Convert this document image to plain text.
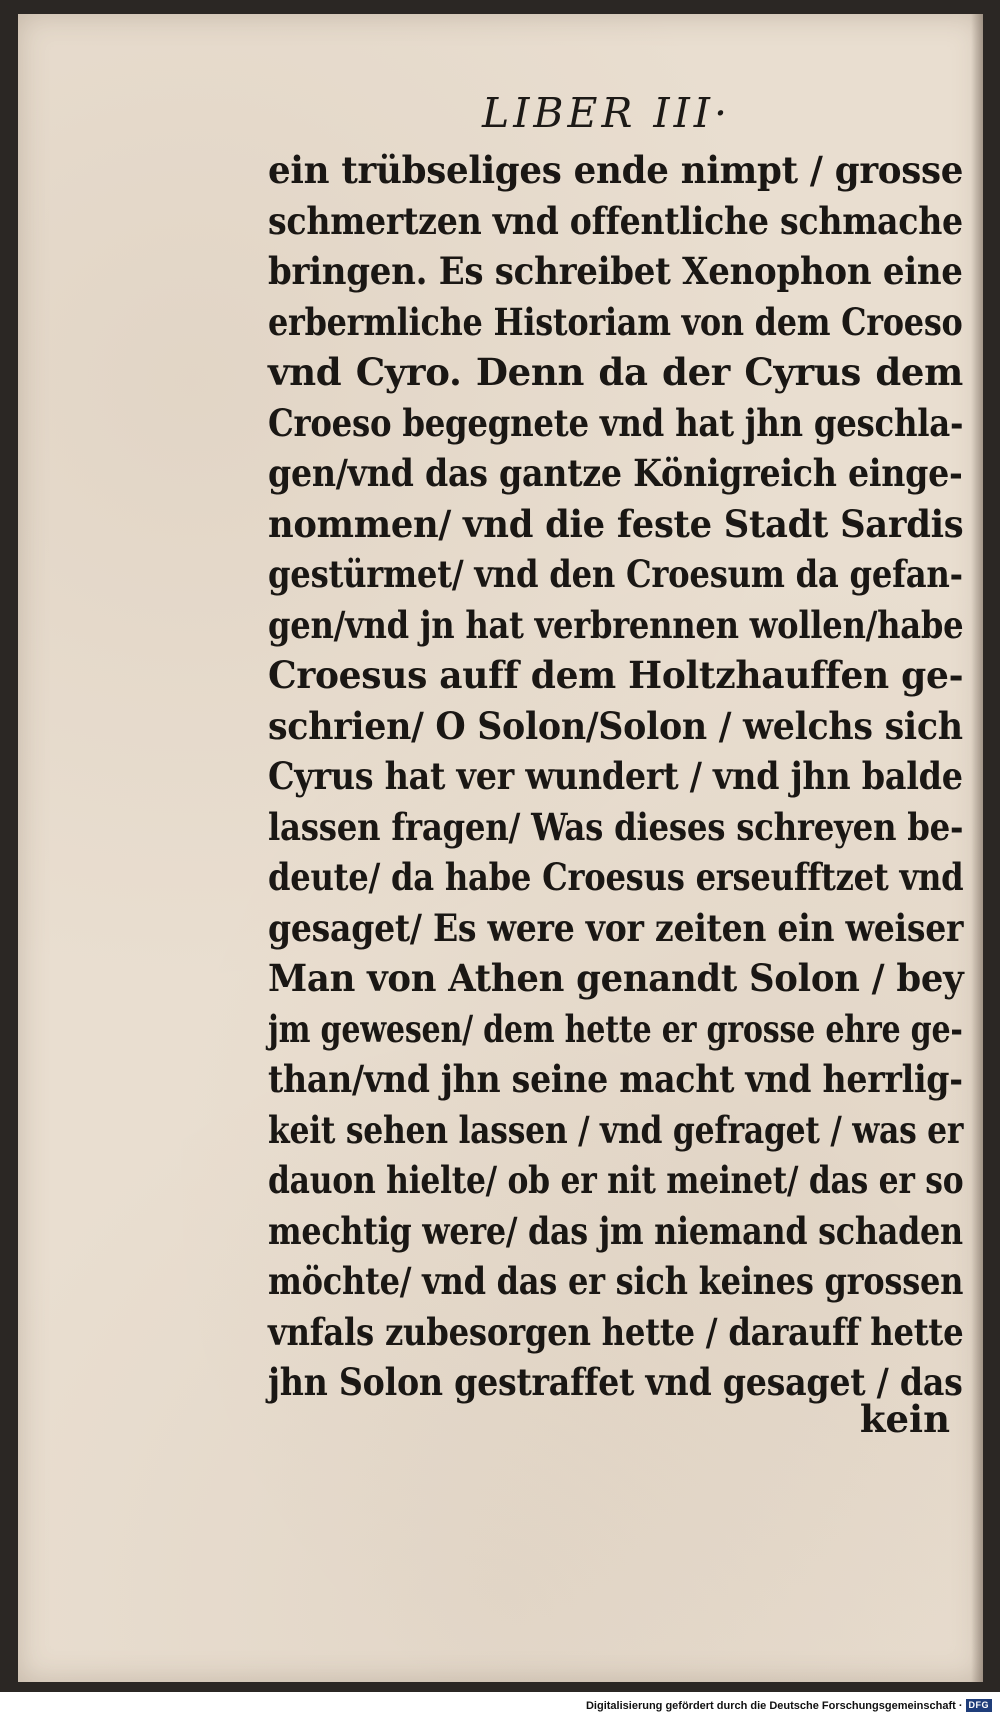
LIBER III·
ein trübseliges ende nimpt / grosse
schmertzen vnd offentliche schmache
bringen. Es schreibet Xenophon eine
erbermliche Historiam von dem Croeso
vnd Cyro. Denn da der Cyrus dem
Croeso begegnete vnd hat jhn geschla-
gen/vnd das gantze Königreich einge-
nommen/ vnd die feste Stadt Sardis
gestürmet/ vnd den Croesum da gefan-
gen/vnd jn hat verbrennen wollen/habe
Croesus auff dem Holtzhauffen ge-
schrien/ O Solon/Solon / welchs sich
Cyrus hat ver wundert / vnd jhn balde
lassen fragen/ Was dieses schreyen be-
deute/ da habe Croesus erseufftzet vnd
gesaget/ Es were vor zeiten ein weiser
Man von Athen genandt Solon / bey
jm gewesen/ dem hette er grosse ehre ge-
than/vnd jhn seine macht vnd herrlig-
keit sehen lassen / vnd gefraget / was er
dauon hielte/ ob er nit meinet/ das er so
mechtig were/ das jm niemand schaden
möchte/ vnd das er sich keines grossen
vnfals zubesorgen hette / darauff hette
jhn Solon gestraffet vnd gesaget / das
kein
Digitalisierung gefördert durch die Deutsche Forschungsgemeinschaft · DFG
